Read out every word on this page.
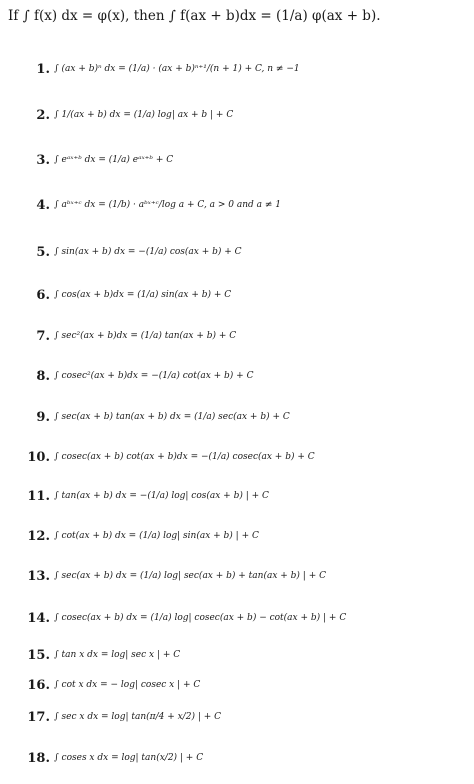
If ∫ f(x) dx = φ(x), then ∫ f(ax + b)dx = (1/a) φ(ax + b).
1. ∫ (ax + b)ⁿ dx = (1/a) · (ax + b)ⁿ⁺¹/(n + 1) + C, n ≠ −1
2. ∫ 1/(ax + b) dx = (1/a) log| ax + b | + C
3. ∫ eᵃˣ⁺ᵇ dx = (1/a) eᵃˣ⁺ᵇ + C
4. ∫ aᵇˣ⁺ᶜ dx = (1/b) · aᵇˣ⁺ᶜ/log a + C, a > 0 and a ≠ 1
5. ∫ sin(ax + b) dx = −(1/a) cos(ax + b) + C
6. ∫ cos(ax + b)dx = (1/a) sin(ax + b) + C
7. ∫ sec²(ax + b)dx = (1/a) tan(ax + b) + C
8. ∫ cosec²(ax + b)dx = −(1/a) cot(ax + b) + C
9. ∫ sec(ax + b) tan(ax + b) dx = (1/a) sec(ax + b) + C
10. ∫ cosec(ax + b) cot(ax + b)dx = −(1/a) cosec(ax + b) + C
11. ∫ tan(ax + b) dx = −(1/a) log| cos(ax + b) | + C
12. ∫ cot(ax + b) dx = (1/a) log| sin(ax + b) | + C
13. ∫ sec(ax + b) dx = (1/a) log| sec(ax + b) + tan(ax + b) | + C
14. ∫ cosec(ax + b) dx = (1/a) log| cosec(ax + b) − cot(ax + b) | + C
15. ∫ tan x dx = log| sec x | + C
16. ∫ cot x dx = − log| cosec x | + C
17. ∫ sec x dx = log| tan(π/4 + x/2) | + C
18. ∫ coses x dx = log| tan(x/2) | + C
